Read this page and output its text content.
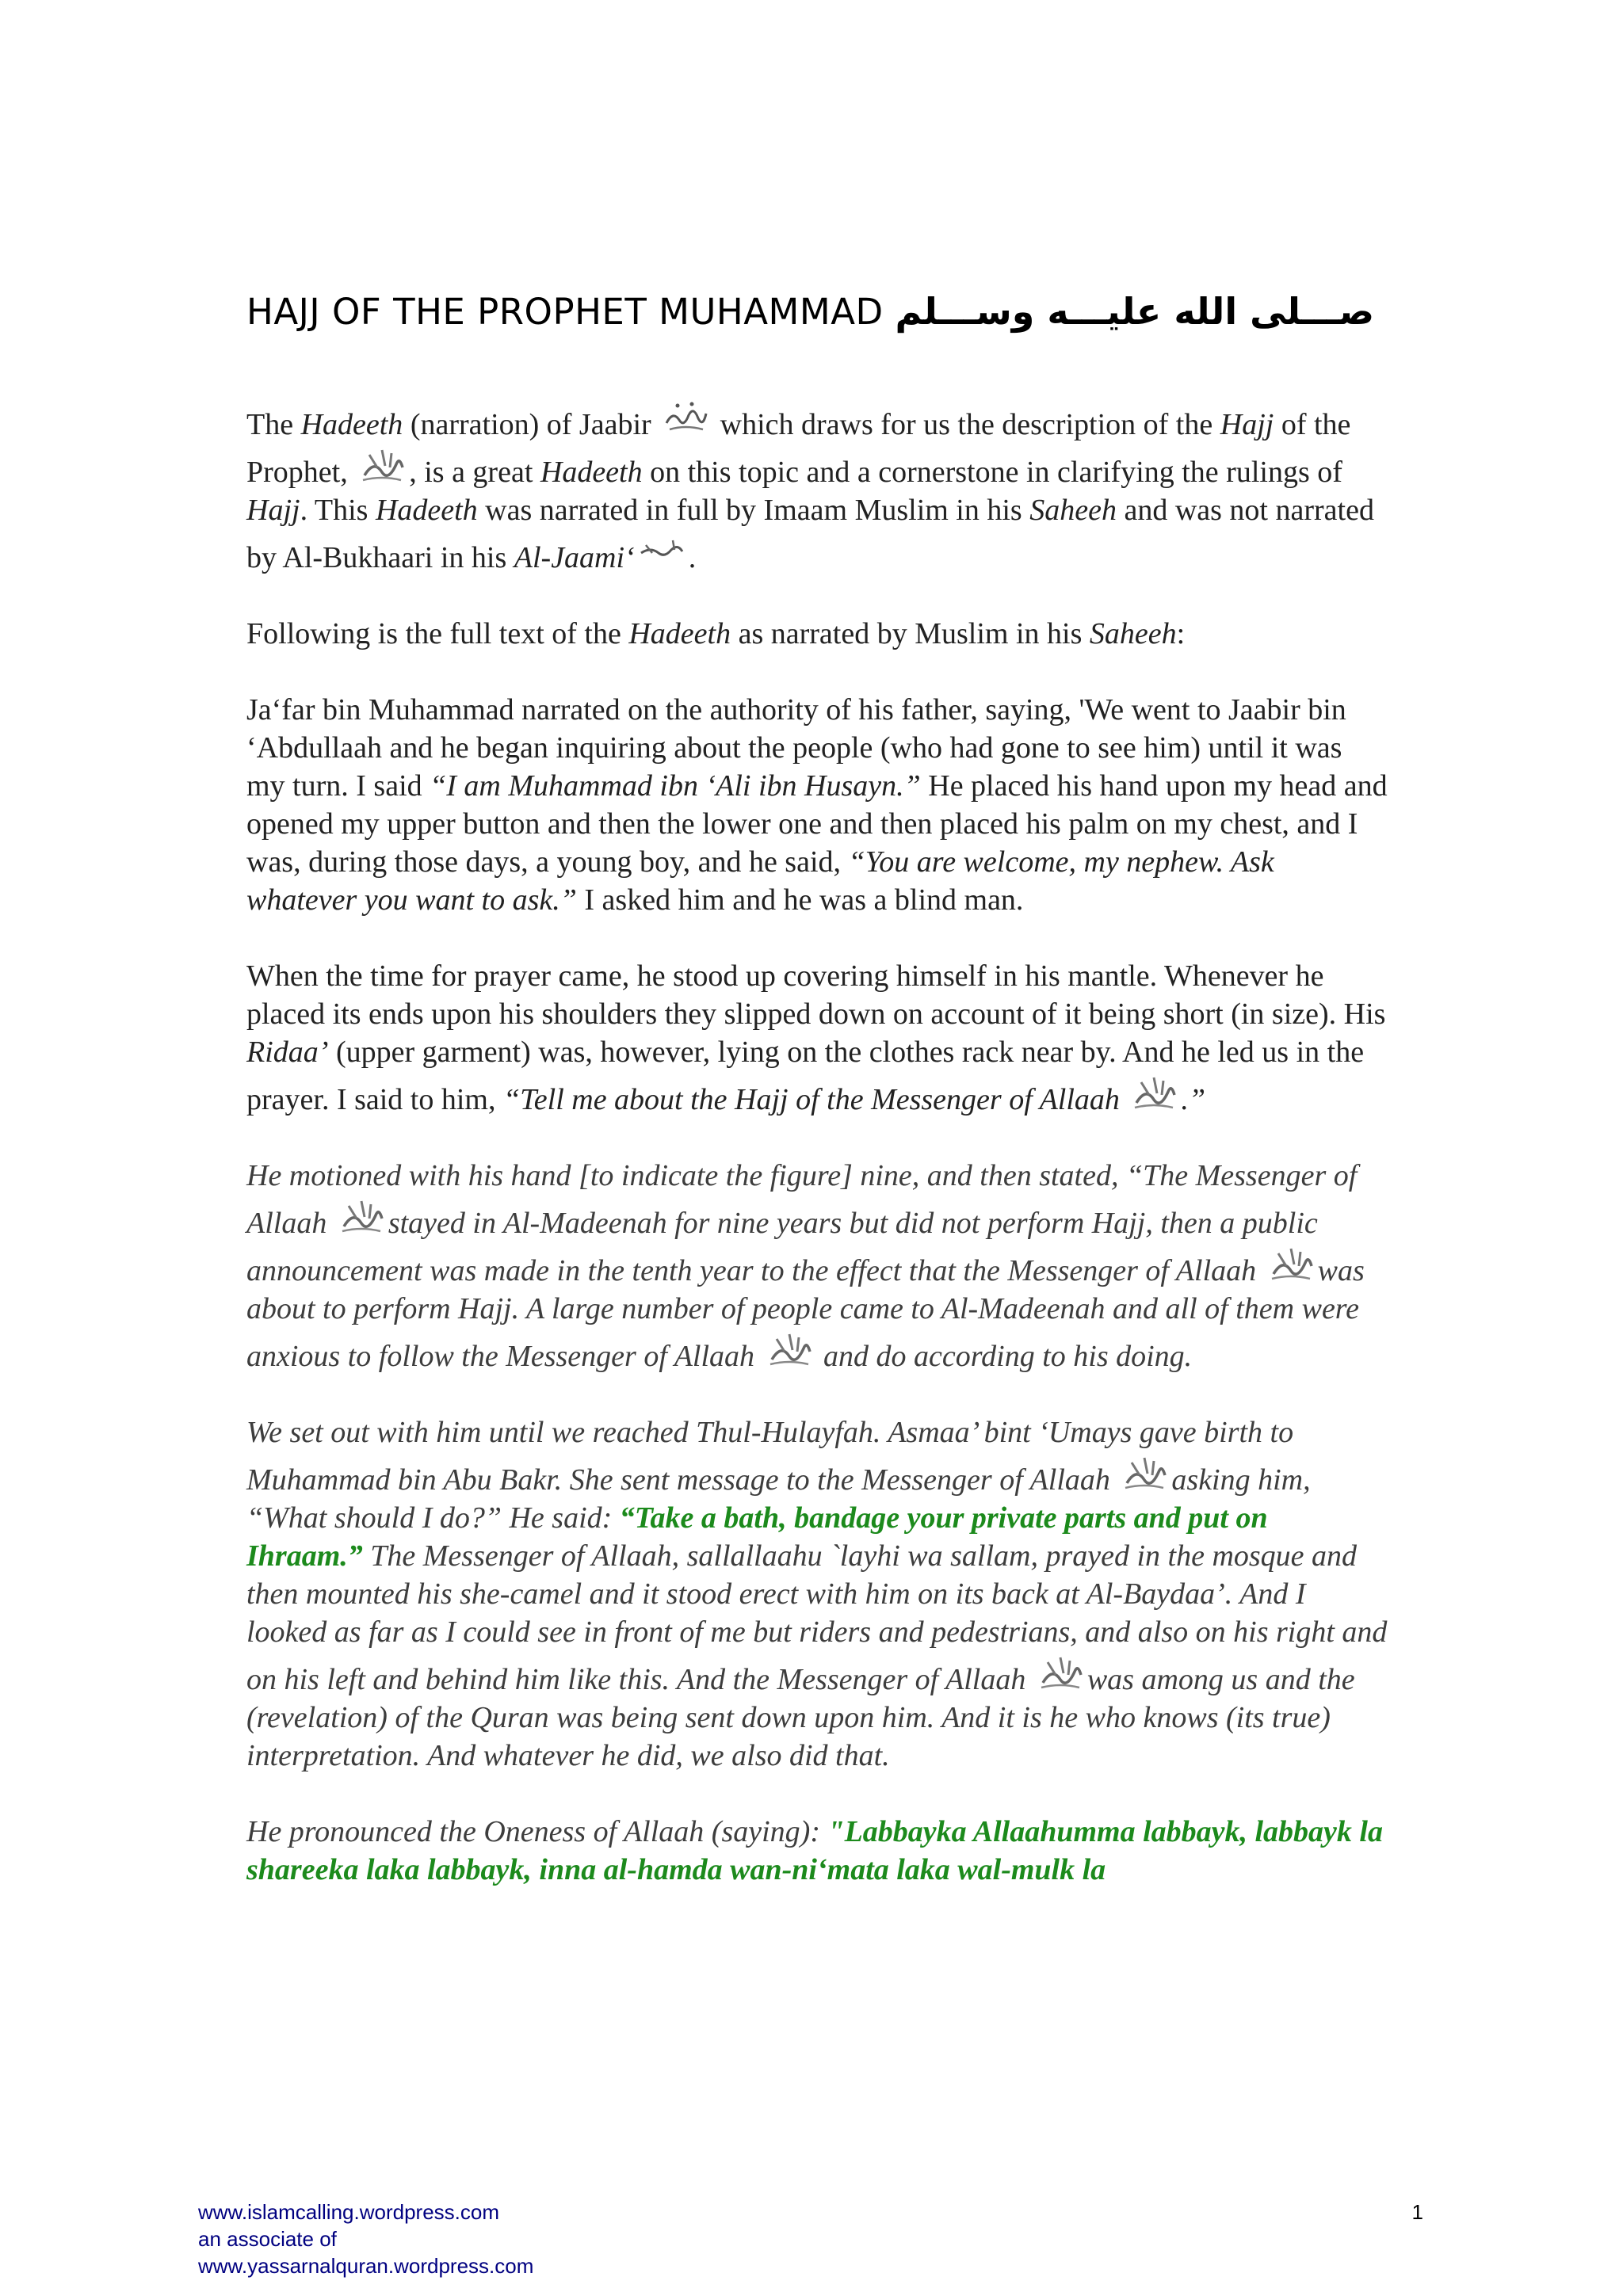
HAJJ OF THE PROPHET MUHAMMAD صـــلى الله عليـــه وســـلم

The Hadeeth (narration) of Jaabir
which draws for us the description of the Hajj of the Prophet,
, is a great Hadeeth on this topic and a cornerstone in clarifying the rulings of Hajj. This Hadeeth was narrated in full by Imaam Muslim in his Saheeh and was not narrated by Al-Bukhaari in his Al-Jaami‘ .

Following is the full text of the Hadeeth as narrated by Muslim in his Saheeh:

Ja‘far bin Muhammad narrated on the authority of his father, saying, 'We went to Jaabir bin ‘Abdullaah and he began inquiring about the people (who had gone to see him) until it was my turn. I said “I am Muhammad ibn ‘Ali ibn Husayn.” He placed his hand upon my head and opened my upper button and then the lower one and then placed his palm on my chest, and I was, during those days, a young boy, and he said, “You are welcome, my nephew. Ask whatever you want to ask.” I asked him and he was a blind man.

When the time for prayer came, he stood up covering himself in his mantle. Whenever he placed its ends upon his shoulders they slipped down on account of it being short (in size). His Ridaa’ (upper garment) was, however, lying on the clothes rack near by. And he led us in the prayer. I said to him, “Tell me about the Hajj of the Messenger of Allaah
.”

He motioned with his hand [to indicate the figure] nine, and then stated, “The Messenger of Allaah
stayed in Al-Madeenah for nine years but did not perform Hajj, then a public announcement was made in the tenth year to the effect that the Messenger of Allaah
was about to perform Hajj. A large number of people came to Al-Madeenah and all of them were anxious to follow the Messenger of Allaah
and do according to his doing.

We set out with him until we reached Thul-Hulayfah. Asmaa’ bint ‘Umays gave birth to Muhammad bin Abu Bakr. She sent message to the Messenger of Allaah
asking him, “What should I do?” He said: “Take a bath, bandage your private parts and put on Ihraam.” The Messenger of Allaah, sallallaahu `layhi wa sallam, prayed in the mosque and then mounted his she-camel and it stood erect with him on its back at Al-Baydaa’. And I looked as far as I could see in front of me but riders and pedestrians, and also on his right and on his left and behind him like this. And the Messenger of Allaah
was among us and the (revelation) of the Quran was being sent down upon him. And it is he who knows (its true) interpretation. And whatever he did, we also did that.

He pronounced the Oneness of Allaah (saying): "Labbayka Allaahumma labbayk, labbayk la shareeka laka labbayk, inna al-hamda wan-ni‘mata laka wal-mulk la

www.islamcalling.wordpress.com
an associate of
www.yassarnalquran.wordpress.com
1
